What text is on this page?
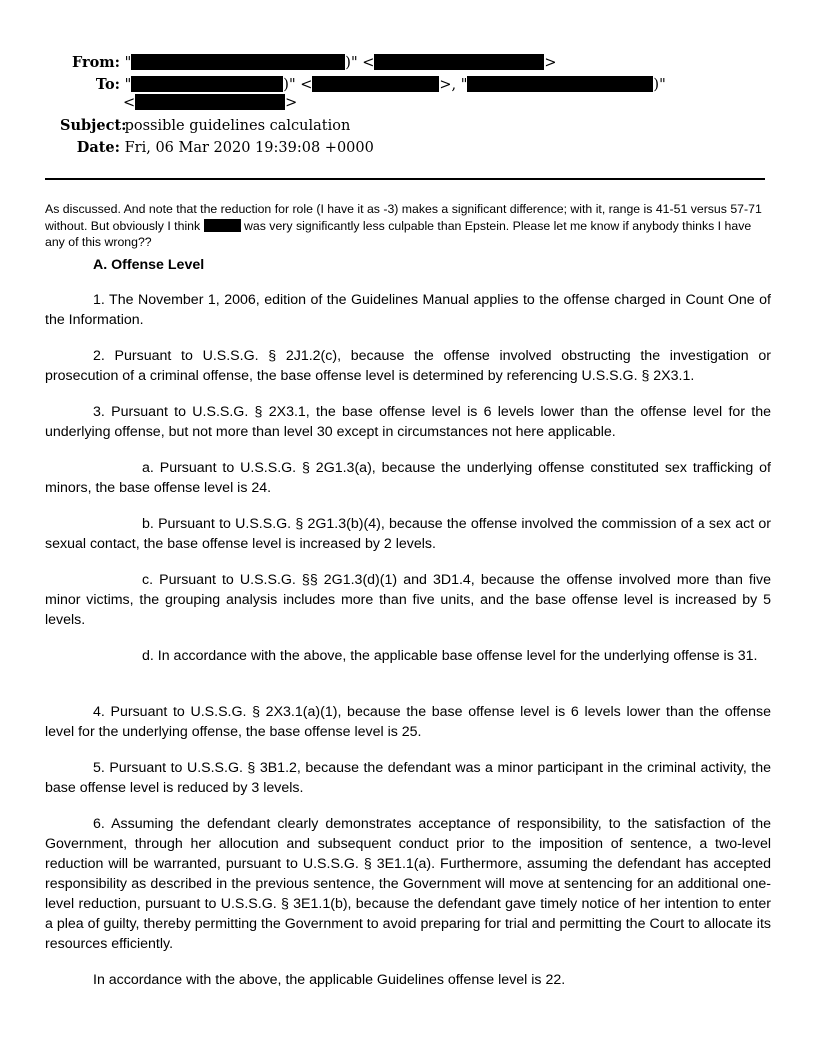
From: "	)" <	>
To: "	)" <	>, "	)"
<	>
Subject: possible guidelines calculation
Date: Fri, 06 Mar 2020 19:39:08 +0000
As discussed. And note that the reduction for role (I have it as -3) makes a significant difference; with it, range is 41-51 versus 57-71 without. But obviously I think	was very significantly less culpable than Epstein. Please let me know if anybody thinks I have any of this wrong??
A. Offense Level
1. The November 1, 2006, edition of the Guidelines Manual applies to the offense charged in Count One of the Information.
2. Pursuant to U.S.S.G. § 2J1.2(c), because the offense involved obstructing the investigation or prosecution of a criminal offense, the base offense level is determined by referencing U.S.S.G. § 2X3.1.
3. Pursuant to U.S.S.G. § 2X3.1, the base offense level is 6 levels lower than the offense level for the underlying offense, but not more than level 30 except in circumstances not here applicable.
a. Pursuant to U.S.S.G. § 2G1.3(a), because the underlying offense constituted sex trafficking of minors, the base offense level is 24.
b. Pursuant to U.S.S.G. § 2G1.3(b)(4), because the offense involved the commission of a sex act or sexual contact, the base offense level is increased by 2 levels.
c. Pursuant to U.S.S.G. §§ 2G1.3(d)(1) and 3D1.4, because the offense involved more than five minor victims, the grouping analysis includes more than five units, and the base offense level is increased by 5 levels.
d. In accordance with the above, the applicable base offense level for the underlying offense is 31.
4. Pursuant to U.S.S.G. § 2X3.1(a)(1), because the base offense level is 6 levels lower than the offense level for the underlying offense, the base offense level is 25.
5. Pursuant to U.S.S.G. § 3B1.2, because the defendant was a minor participant in the criminal activity, the base offense level is reduced by 3 levels.
6. Assuming the defendant clearly demonstrates acceptance of responsibility, to the satisfaction of the Government, through her allocution and subsequent conduct prior to the imposition of sentence, a two-level reduction will be warranted, pursuant to U.S.S.G. § 3E1.1(a). Furthermore, assuming the defendant has accepted responsibility as described in the previous sentence, the Government will move at sentencing for an additional one-level reduction, pursuant to U.S.S.G. § 3E1.1(b), because the defendant gave timely notice of her intention to enter a plea of guilty, thereby permitting the Government to avoid preparing for trial and permitting the Court to allocate its resources efficiently.
In accordance with the above, the applicable Guidelines offense level is 22.
